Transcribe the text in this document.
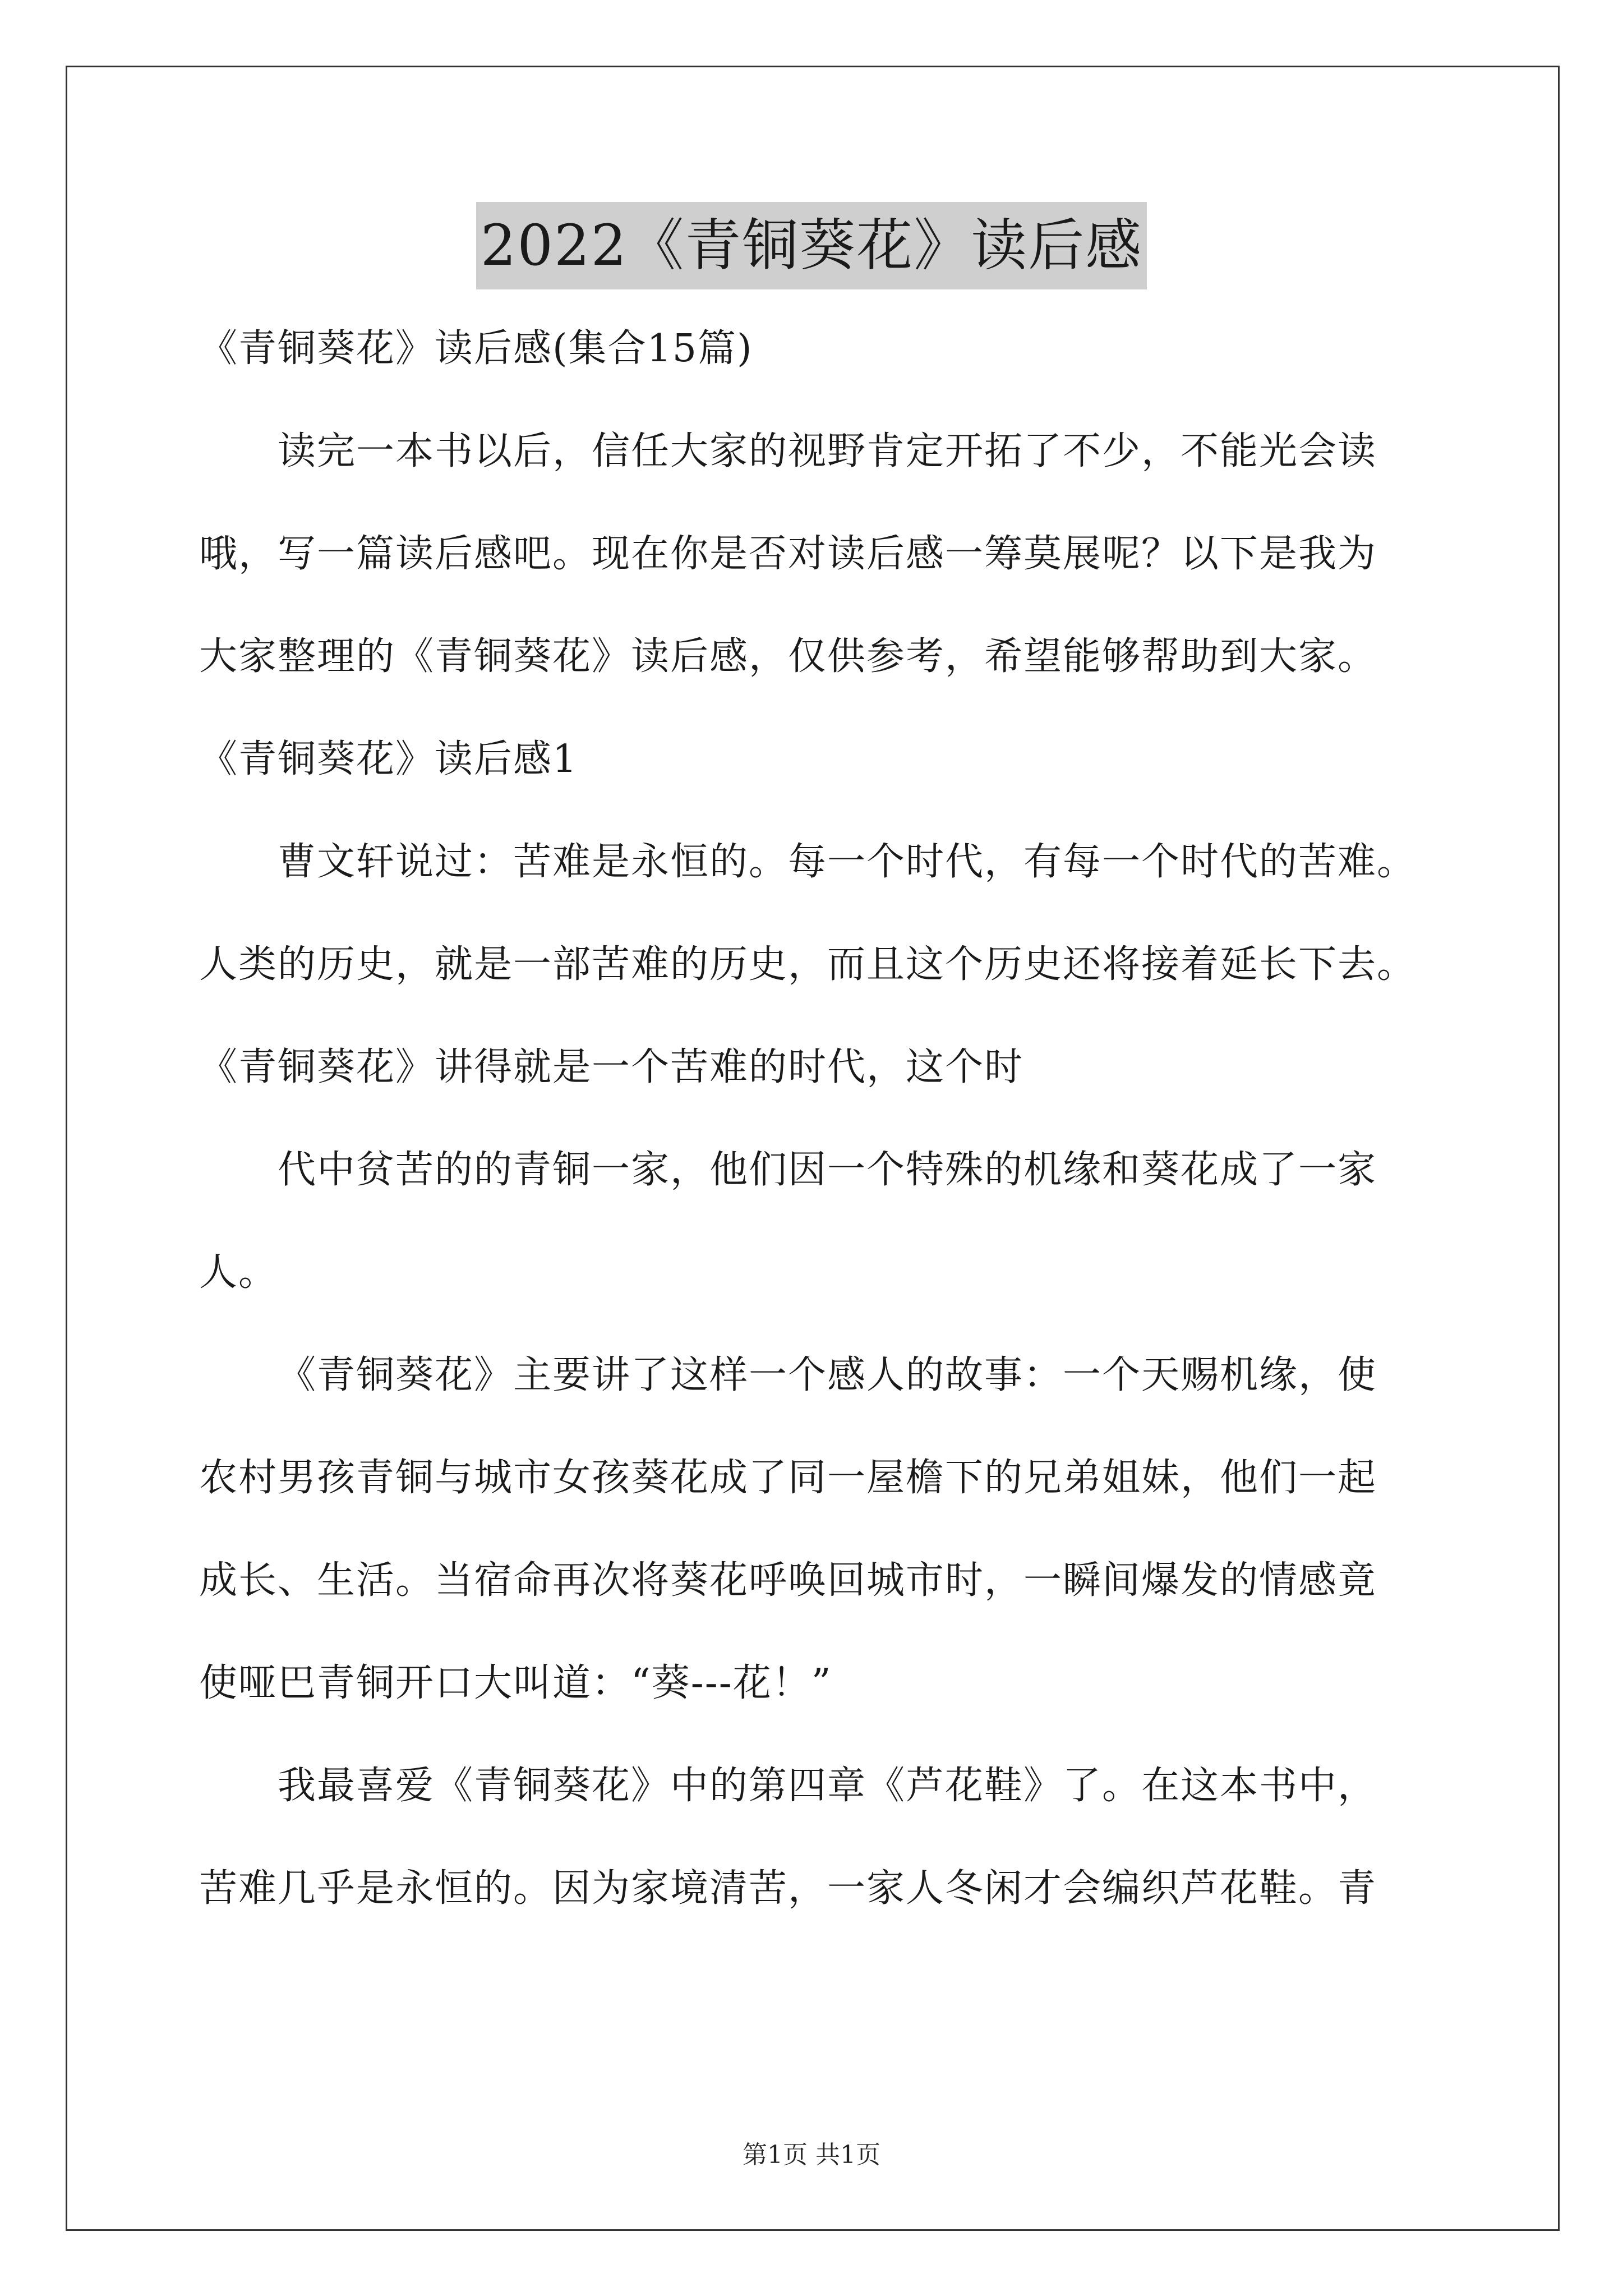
2022《青铜葵花》读后感
《青铜葵花》读后感(集合15篇)
读完一本书以后，信任大家的视野肯定开拓了不少，不能光会读
哦，写一篇读后感吧。现在你是否对读后感一筹莫展呢？以下是我为
大家整理的《青铜葵花》读后感，仅供参考，希望能够帮助到大家。
《青铜葵花》读后感1
曹文轩说过：苦难是永恒的。每一个时代，有每一个时代的苦难。
人类的历史，就是一部苦难的历史，而且这个历史还将接着延长下去。
《青铜葵花》讲得就是一个苦难的时代，这个时
代中贫苦的的青铜一家，他们因一个特殊的机缘和葵花成了一家
人。
《青铜葵花》主要讲了这样一个感人的故事：一个天赐机缘，使
农村男孩青铜与城市女孩葵花成了同一屋檐下的兄弟姐妹，他们一起
成长、生活。当宿命再次将葵花呼唤回城市时，一瞬间爆发的情感竟
使哑巴青铜开口大叫道：“葵---花！”
我最喜爱《青铜葵花》中的第四章《芦花鞋》了。在这本书中，
苦难几乎是永恒的。因为家境清苦，一家人冬闲才会编织芦花鞋。青
第1页 共1页
